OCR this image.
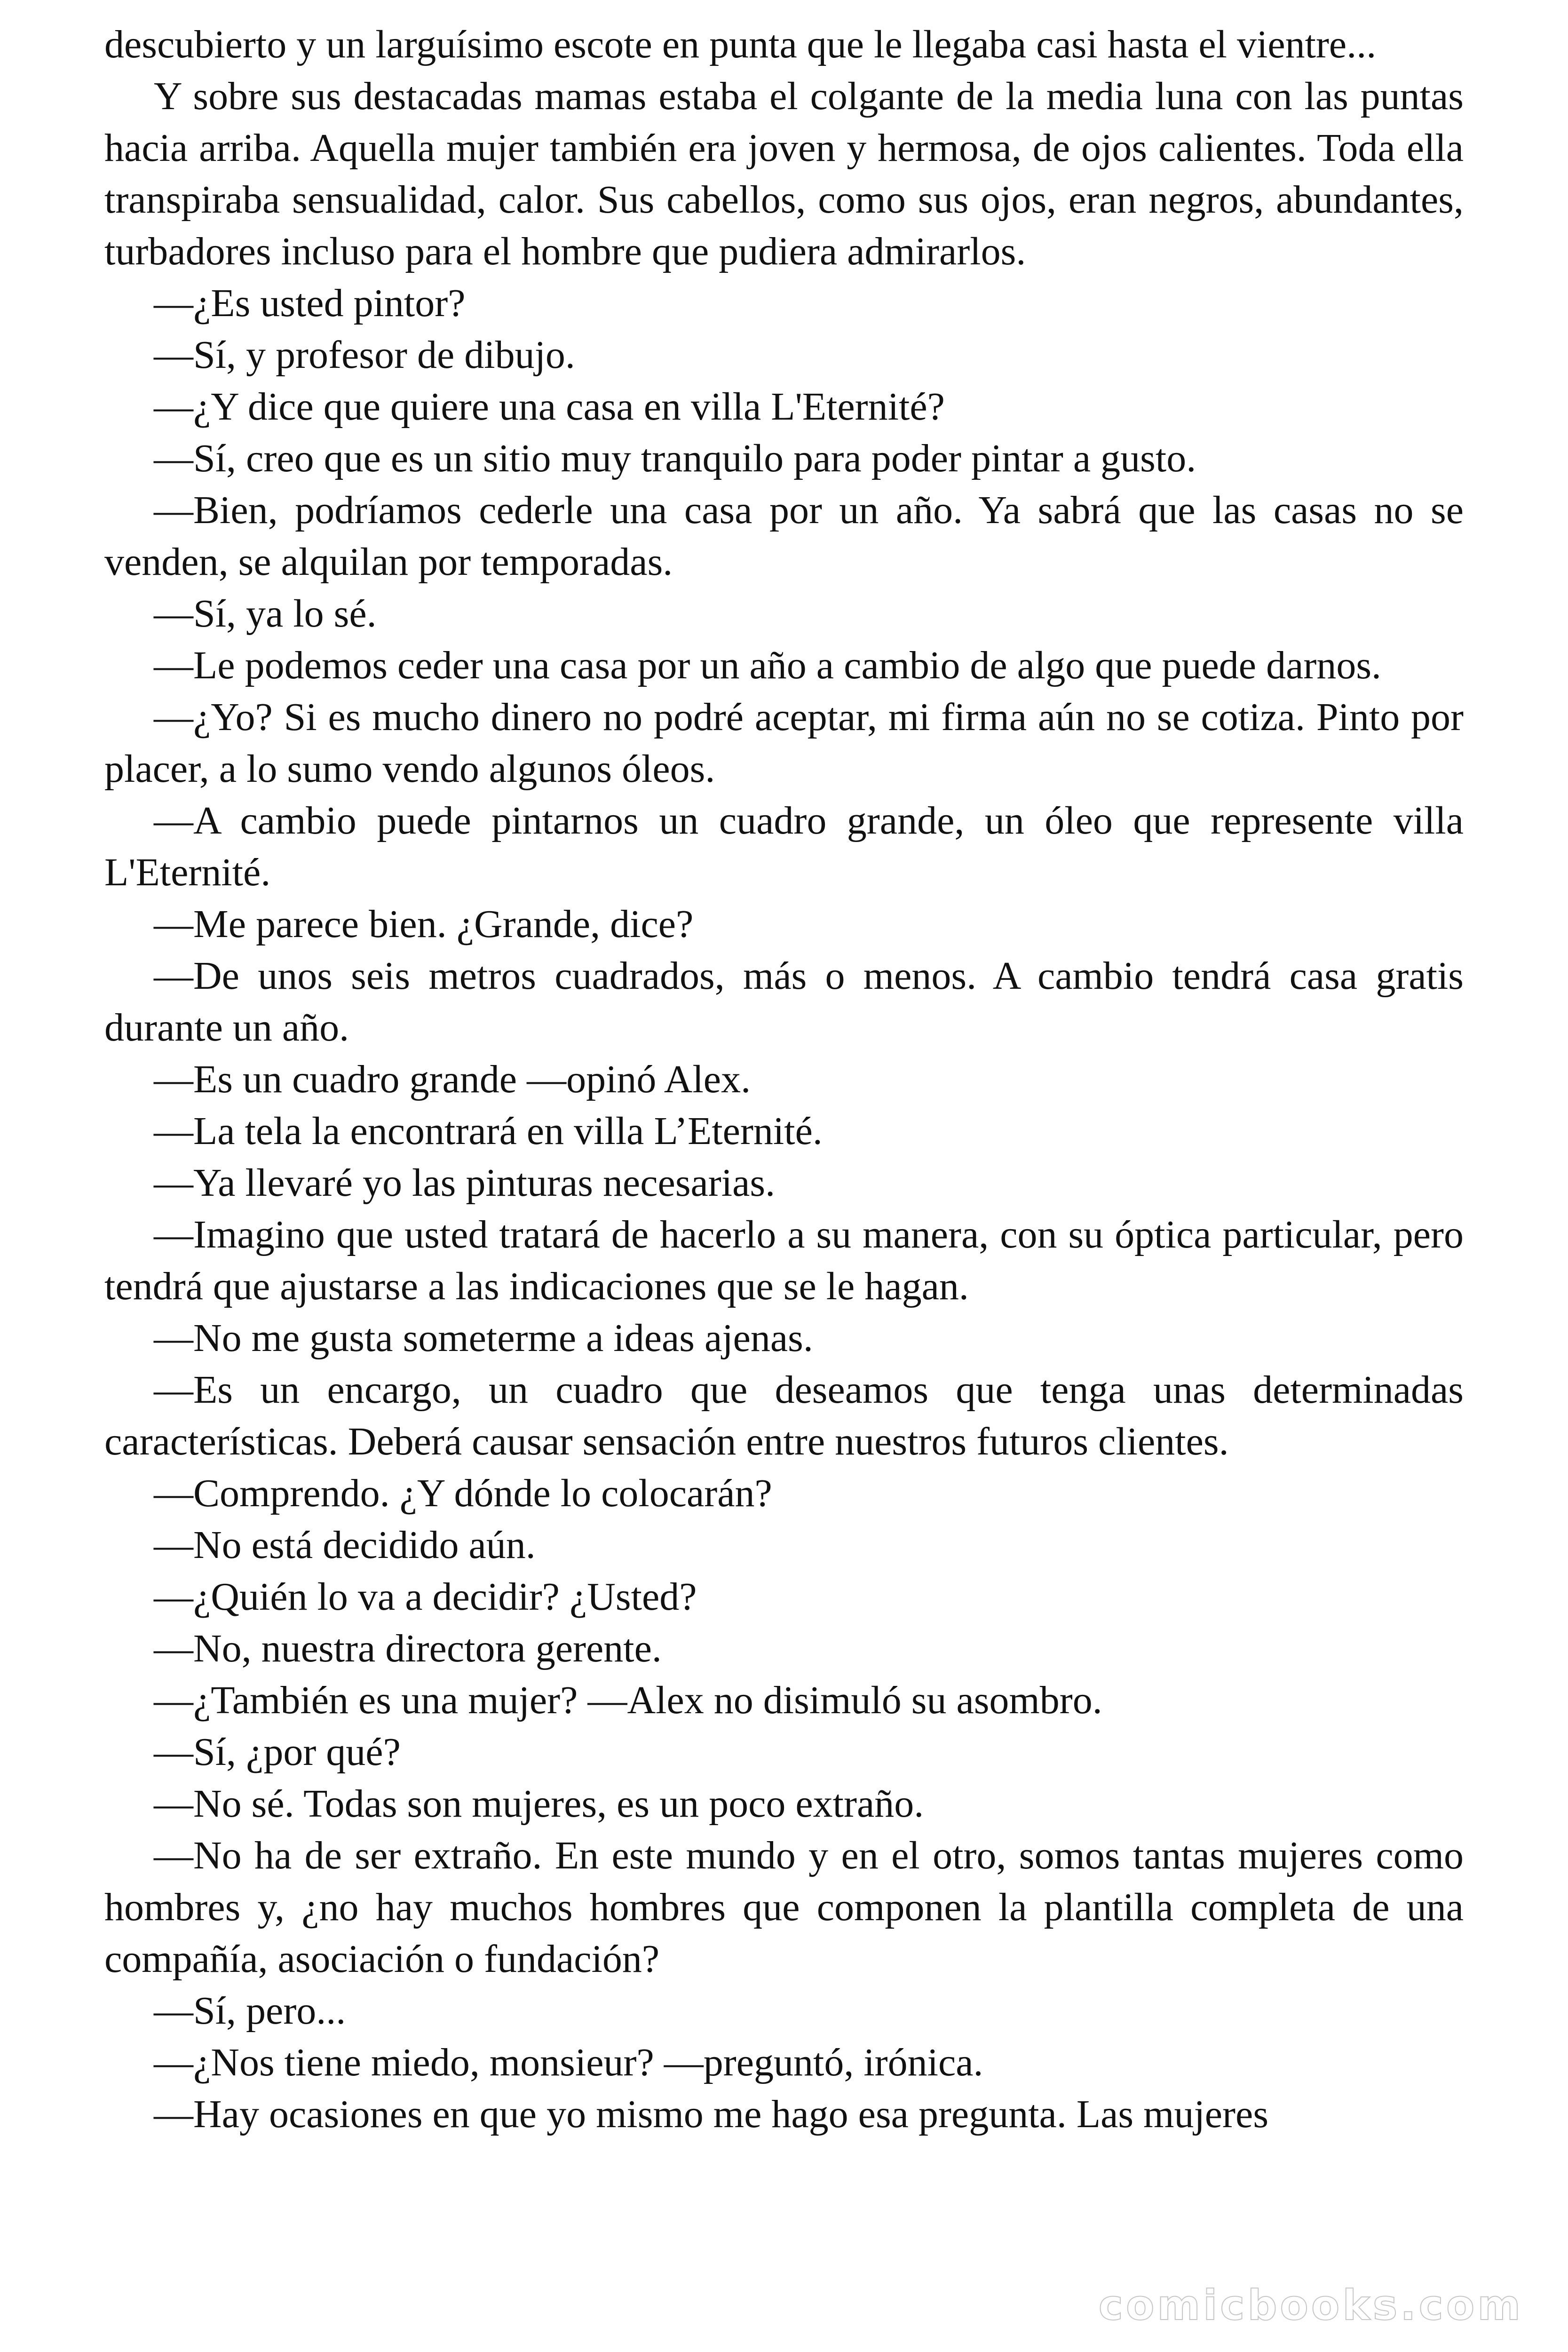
descubierto y un larguísimo escote en punta que le llegaba casi hasta el vientre...

Y sobre sus destacadas mamas estaba el colgante de la media luna con las puntas hacia arriba. Aquella mujer también era joven y hermosa, de ojos calientes. Toda ella transpiraba sensualidad, calor. Sus cabellos, como sus ojos, eran negros, abundantes, turbadores incluso para el hombre que pudiera admirarlos.

—¿Es usted pintor?

—Sí, y profesor de dibujo.

—¿Y dice que quiere una casa en villa L'Eternité?

—Sí, creo que es un sitio muy tranquilo para poder pintar a gusto.

—Bien, podríamos cederle una casa por un año. Ya sabrá que las casas no se venden, se alquilan por temporadas.

—Sí, ya lo sé.

—Le podemos ceder una casa por un año a cambio de algo que puede darnos.

—¿Yo? Si es mucho dinero no podré aceptar, mi firma aún no se cotiza. Pinto por placer, a lo sumo vendo algunos óleos.

—A cambio puede pintarnos un cuadro grande, un óleo que represente villa L'Eternité.

—Me parece bien. ¿Grande, dice?

—De unos seis metros cuadrados, más o menos. A cambio tendrá casa gratis durante un año.

—Es un cuadro grande —opinó Alex.

—La tela la encontrará en villa L’Eternité.

—Ya llevaré yo las pinturas necesarias.

—Imagino que usted tratará de hacerlo a su manera, con su óptica particular, pero tendrá que ajustarse a las indicaciones que se le hagan.

—No me gusta someterme a ideas ajenas.

—Es un encargo, un cuadro que deseamos que tenga unas determinadas características. Deberá causar sensación entre nuestros futuros clientes.

—Comprendo. ¿Y dónde lo colocarán?

—No está decidido aún.

—¿Quién lo va a decidir? ¿Usted?

—No, nuestra directora gerente.

—¿También es una mujer? —Alex no disimuló su asombro.

—Sí, ¿por qué?

—No sé. Todas son mujeres, es un poco extraño.

—No ha de ser extraño. En este mundo y en el otro, somos tantas mujeres como hombres y, ¿no hay muchos hombres que componen la plantilla completa de una compañía, asociación o fundación?

—Sí, pero...

—¿Nos tiene miedo, monsieur? —preguntó, irónica.

—Hay ocasiones en que yo mismo me hago esa pregunta. Las mujeres

comicbooks.com
